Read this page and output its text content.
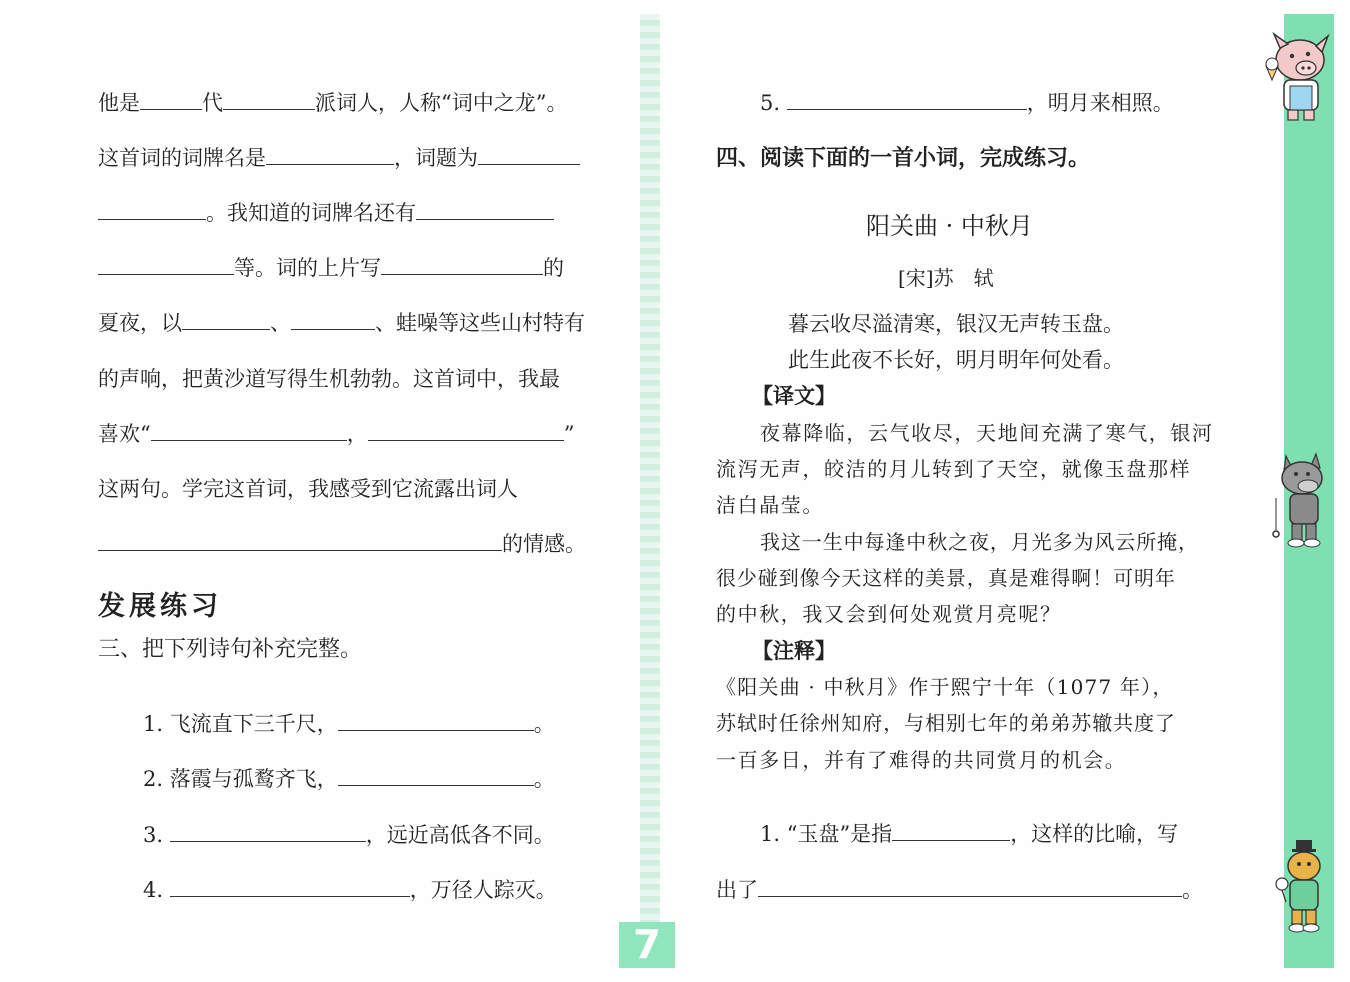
他是	代	派词人，人称“词中之龙”。
这首词的词牌名是	，词题为
。我知道的词牌名还有
等。词的上片写	的
夏夜，以	、	、蛙噪等这些山村特有
的声响，把黄沙道写得生机勃勃。这首词中，我最
喜欢“	，	”
这两句。学完这首词，我感受到它流露出词人
的情感。
发展练习
三、把下列诗句补充完整。
1. 飞流直下三千尺，	。
2. 落霞与孤鹜齐飞，	。
3.	，远近高低各不同。
4.	，万径人踪灭。
5.	，明月来相照。
四、阅读下面的一首小词，完成练习。
阳关曲 · 中秋月
[宋]苏　轼
暮云收尽溢清寒，银汉无声转玉盘。
此生此夜不长好，明月明年何处看。
【译文】
夜幕降临，云气收尽，天地间充满了寒气，银河
流泻无声，皎洁的月儿转到了天空，就像玉盘那样
洁白晶莹。
我这一生中每逢中秋之夜，月光多为风云所掩，
很少碰到像今天这样的美景，真是难得啊！可明年
的中秋，我又会到何处观赏月亮呢？
【注释】
《阳关曲 · 中秋月》作于熙宁十年（1077 年），
苏轼时任徐州知府，与相别七年的弟弟苏辙共度了
一百多日，并有了难得的共同赏月的机会。
1. “玉盘”是指	，这样的比喻，写
出了	。
7
